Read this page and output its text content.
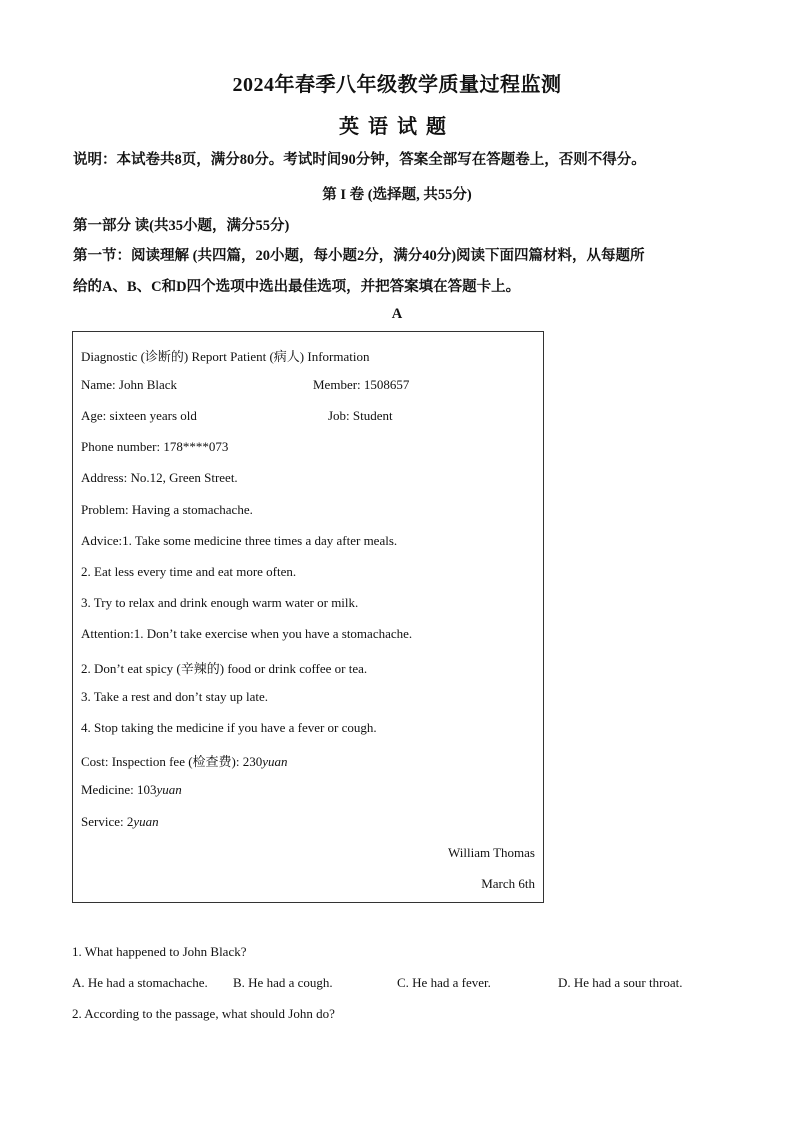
2024年春季八年级教学质量过程监测
英语试题
说明：本试卷共8页，满分80分。考试时间90分钟，答案全部写在答题卷上，否则不得分。
第 I 卷 (选择题, 共55分)
第一部分 读(共35小题，满分55分)
第一节：阅读理解 (共四篇，20小题，每小题2分，满分40分)阅读下面四篇材料，从每题所
给的A、B、C和D四个选项中选出最佳选项，并把答案填在答题卡上。
A
Diagnostic (诊断的) Report Patient (病人) Information
Name: John Black	Member: 1508657
Age: sixteen years old	Job: Student
Phone number: 178****073
Address: No.12, Green Street.
Problem: Having a stomachache.
Advice:1. Take some medicine three times a day after meals.
2. Eat less every time and eat more often.
3. Try to relax and drink enough warm water or milk.
Attention:1. Don’t take exercise when you have a stomachache.
2. Don’t eat spicy (辛辣的) food or drink coffee or tea.
3. Take a rest and don’t stay up late.
4. Stop taking the medicine if you have a fever or cough.
Cost: Inspection fee (检查费): 230yuan
Medicine: 103yuan
Service: 2yuan
William Thomas
March 6th
1. What happened to John Black?
A. He had a stomachache. B. He had a cough.	C. He had a fever.	D. He had a sour throat.
2. According to the passage, what should John do?
